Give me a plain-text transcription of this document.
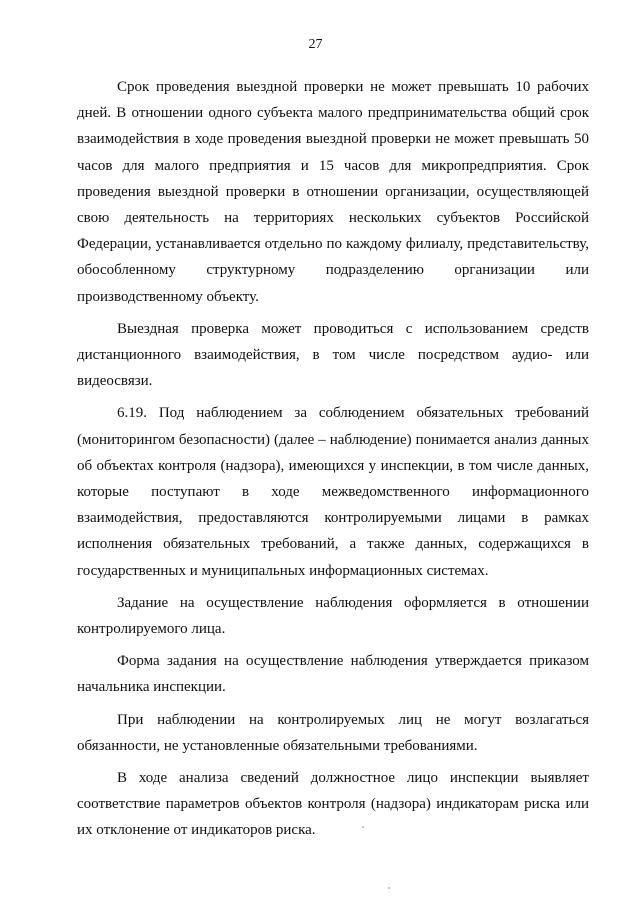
27

Срок проведения выездной проверки не может превышать 10 рабочих дней. В отношении одного субъекта малого предпринимательства общий срок взаимодействия в ходе проведения выездной проверки не может превышать 50 часов для малого предприятия и 15 часов для микропредприятия. Срок проведения выездной проверки в отношении организации, осуществляющей свою деятельность на территориях нескольких субъектов Российской Федерации, устанавливается отдельно по каждому филиалу, представительству, обособленному структурному подразделению организации или производственному объекту.

Выездная проверка может проводиться с использованием средств дистанционного взаимодействия, в том числе посредством аудио- или видеосвязи.

6.19. Под наблюдением за соблюдением обязательных требований (мониторингом безопасности) (далее – наблюдение) понимается анализ данных об объектах контроля (надзора), имеющихся у инспекции, в том числе данных, которые поступают в ходе межведомственного информационного взаимодействия, предоставляются контролируемыми лицами в рамках исполнения обязательных требований, а также данных, содержащихся в государственных и муниципальных информационных системах.

Задание на осуществление наблюдения оформляется в отношении контролируемого лица.

Форма задания на осуществление наблюдения утверждается приказом начальника инспекции.

При наблюдении на контролируемых лиц не могут возлагаться обязанности, не установленные обязательными требованиями.

В ходе анализа сведений должностное лицо инспекции выявляет соответствие параметров объектов контроля (надзора) индикаторам риска или их отклонение от индикаторов риска.
